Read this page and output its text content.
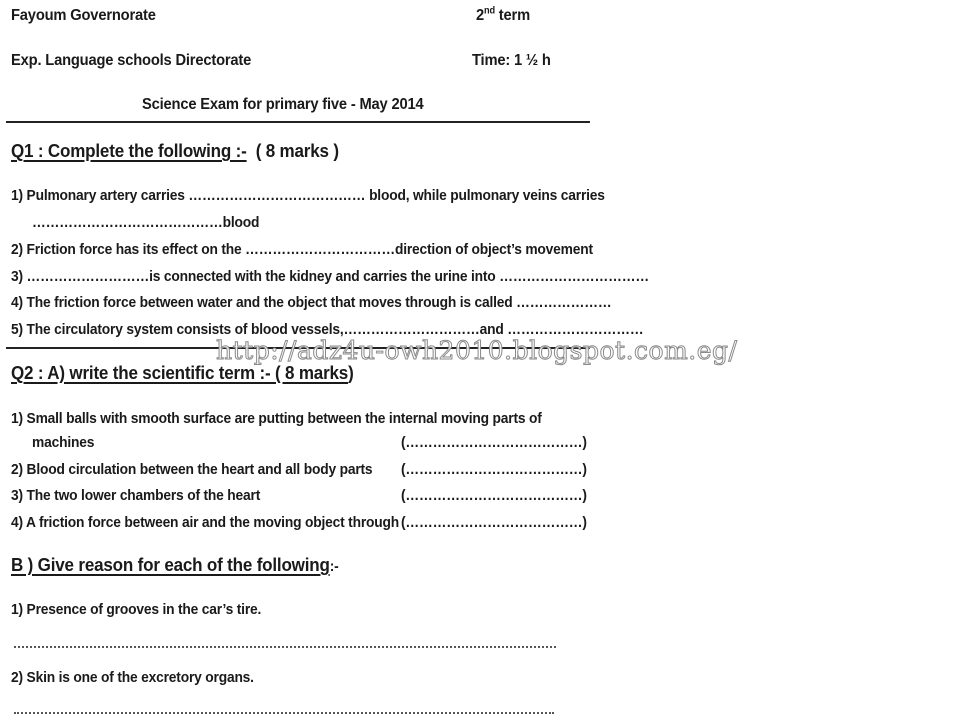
Fayoum Governorate	2nd term
Exp. Language schools Directorate	Time: 1 ½ h
Science Exam for primary five - May 2014
Q1 : Complete the following :- ( 8 marks )
1) Pulmonary artery carries ………………………………… blood, while pulmonary veins carries
……………………………………blood
2) Friction force has its effect on the ……………………………direction of object’s movement
3) ………………………is connected with the kidney and carries the urine into ……………………………
4) The friction force between water and the object that moves through is called …………………
5) The circulatory system consists of blood vessels,…………………………and …………………………
http://adz4u-owh2010.blogspot.com.eg/
Q2 : A) write the scientific term :- ( 8 marks)
1) Small balls with smooth surface are putting between the internal moving parts of
machines	(…………………………………)
2) Blood circulation between the heart and all body parts (…………………………………)
3) The two lower chambers of the heart	(…………………………………)
4) A friction force between air and the moving object through (…………………………………)
B ) Give reason for each of the following:-
1) Presence of grooves in the car’s tire.
2) Skin is one of the excretory organs.
